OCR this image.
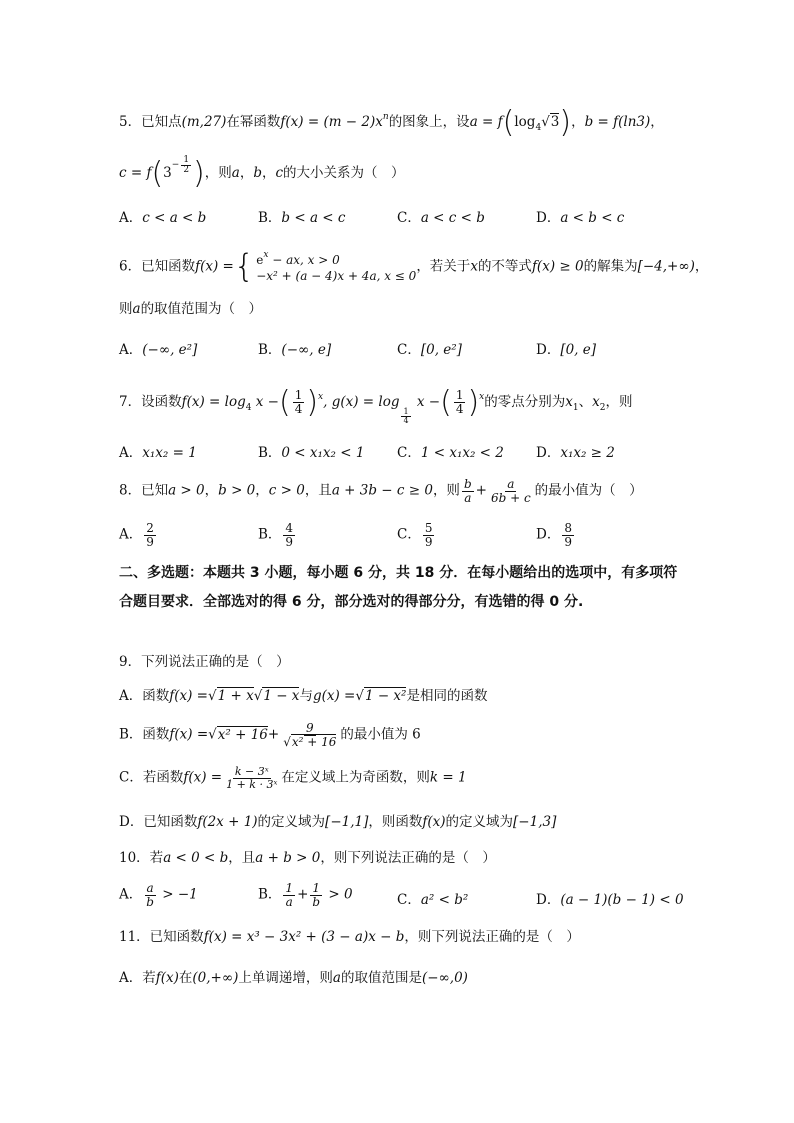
5．已知点(m,27)在幂函数$f(x) = (m - 2)x^n$的图象上，设$a = f(\log_4√3)$，b = f(ln3)，
$c = f(3 - \frac{1}{2}$ )，则a，b，c的大小关系为（　）
A．c < a < b	B．b < a < c	C．a < c < b	D．a < b < c
6．已知函数f(x) = { $e^x$ − ax, x > 0
−x² + (a − 4)x + 4a, x ≤ 0
，若关于x的不等式f(x) ≥ 0的解集为[−4,+∞)，
则a的取值范围为（　）
A．(−∞, e²]	B．(−∞, e]	C．[0, e²]	D．[0, e]
7．设函数$f(x) = \log_4 x$ −( $\frac{1}{4} )^x$, g(x) = log
$\frac{1}{4}$
x −( $\frac{1}{4} )^x$的零点分别为$x_1$、$x_2$，则
A．x₁x₂ = 1	B．0 < x₁x₂ < 1 C．1 < x₁x₂ < 2 D．x₁x₂ ≥ 2
8．已知a > 0，b > 0，c > 0，且a + 3b − c ≥ 0，则 $\frac{b}{a} + \frac{a}{6b + c}$ 的最小值为（　）
A． $\frac{2}{9}$	B． $\frac{4}{9}$	C． $\frac{5}{9}$	D． $\frac{8}{9}$
二、多选题：本题共 3 小题，每小题 6 分，共 18 分．在每小题给出的选项中，有多项符合题目要求．全部选对的得 6 分，部分选对的得部分分，有选错的得 0 分.
9．下列说法正确的是（　）
A．函数f(x) =√1 + x√1 − x与g(x) =√1 − x²是相同的函数
B．函数$f(x) =√x^2 + 16+ \frac{9}{\text{√x² + 16}}$ 的最小值为 6
C．若函数$f(x) = \frac{\text{k − 3ˣ}}{\text{1 + k · 3ˣ}}$ 在定义域上为奇函数，则k = 1
D．已知函数f(2x + 1)的定义域为[−1,1]，则函数f(x)的定义域为[−1,3]
10．若a < 0 < b，且a + b > 0，则下列说法正确的是（　）
A． $\frac{a}{b} > -1$	B． $\frac{1}{a} + \frac{1}{b} > 0$	C．a² < b²	D．(a − 1)(b − 1) < 0
11．已知函数f(x) = x³ − 3x² + (3 − a)x − b，则下列说法正确的是（　）
A．若f(x)在(0,+∞)上单调递增，则a的取值范围是(−∞,0)
